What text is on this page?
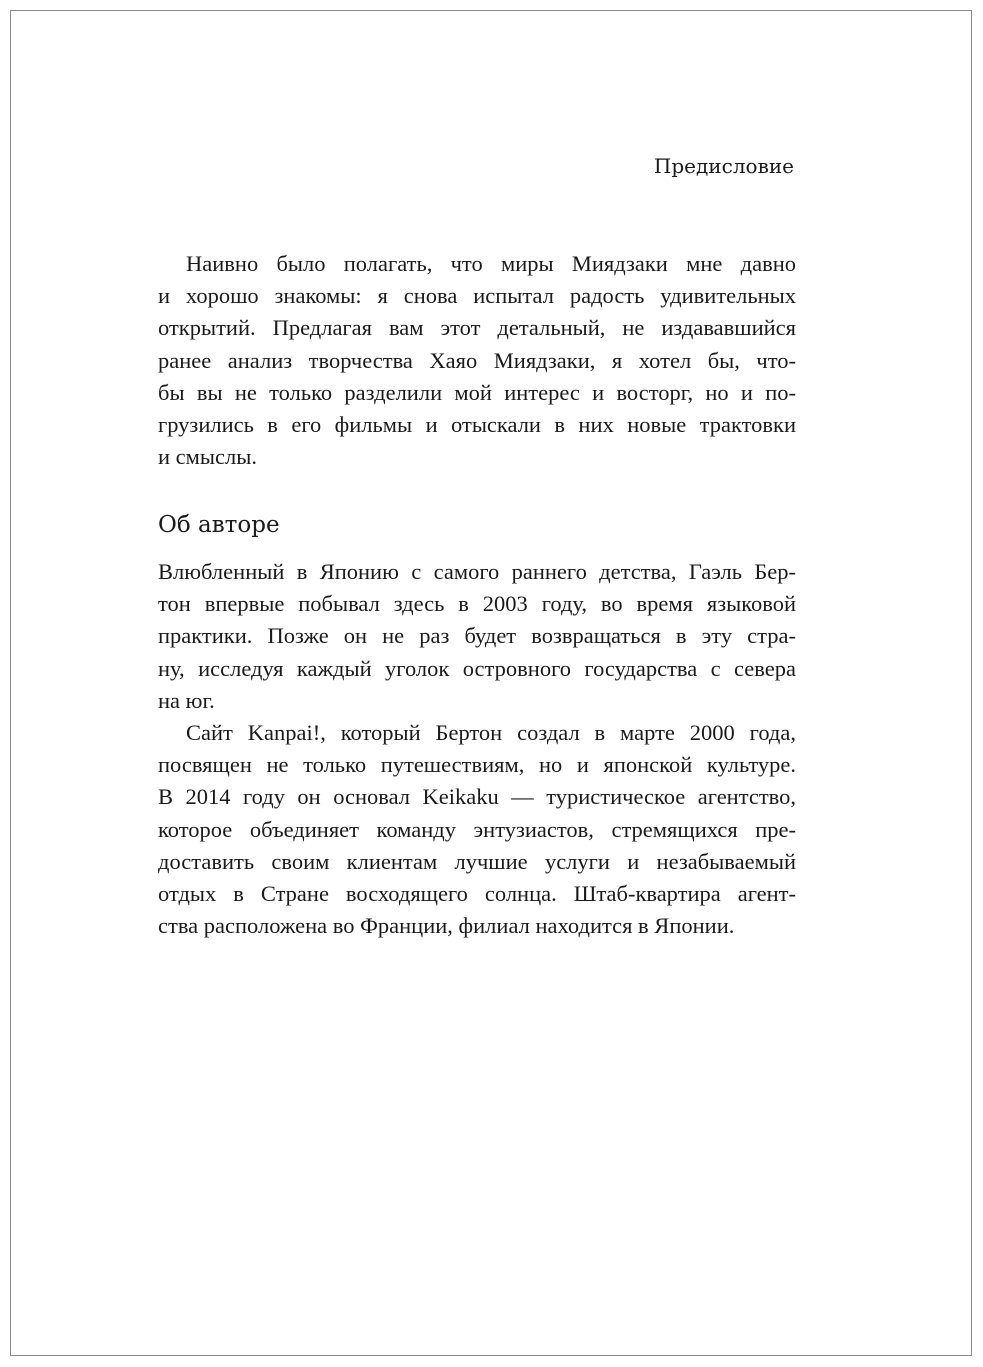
Предисловие
Наивно было полагать, что миры Миядзаки мне давно
и хорошо знакомы: я снова испытал радость удивительных
открытий. Предлагая вам этот детальный, не издававшийся
ранее анализ творчества Хаяо Миядзаки, я хотел бы, что-
бы вы не только разделили мой интерес и восторг, но и по-
грузились в его фильмы и отыскали в них новые трактовки
и смыслы.
Об авторе
Влюбленный в Японию с самого раннего детства, Гаэль Бер-
тон впервые побывал здесь в 2003 году, во время языковой
практики. Позже он не раз будет возвращаться в эту стра-
ну, исследуя каждый уголок островного государства с севера
на юг.
Сайт Kanpai!, который Бертон создал в марте 2000 года,
посвящен не только путешествиям, но и японской культуре.
В 2014 году он основал Keikaku — туристическое агентство,
которое объединяет команду энтузиастов, стремящихся пре-
доставить своим клиентам лучшие услуги и незабываемый
отдых в Стране восходящего солнца. Штаб-квартира агент-
ства расположена во Франции, филиал находится в Японии.
